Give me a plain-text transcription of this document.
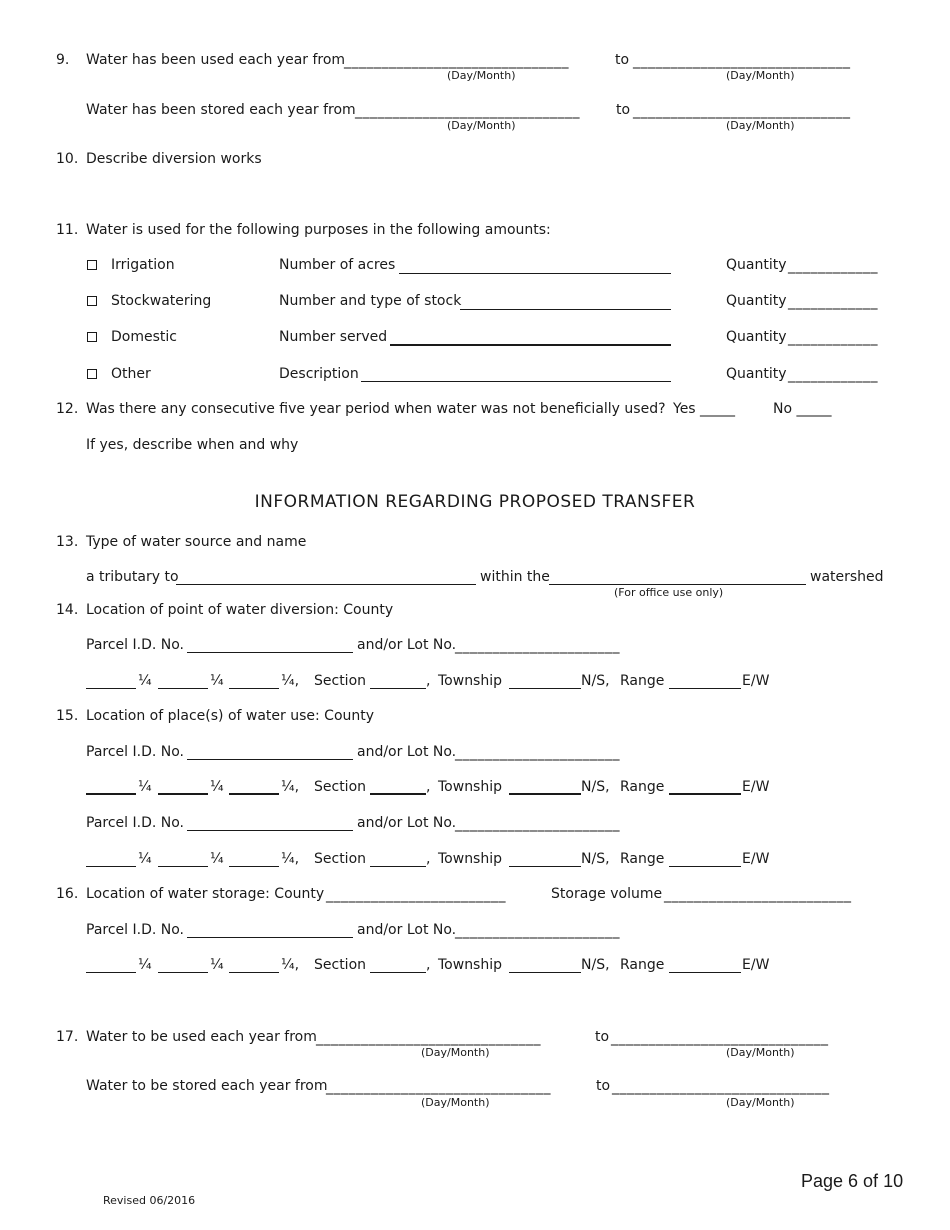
9. Water has been used each year from
______________________________	to _____________________________
(Day/Month)	(Day/Month)
Water has been stored each year from ______________________________	to _____________________________
(Day/Month)	(Day/Month)
10. Describe diversion works
11. Water is used for the following purposes in the following amounts:
Irrigation	Number of acres	Quantity ____________
Stockwatering	Number and type of stock	Quantity ____________
Domestic	Number served	Quantity ____________
Other	Description	Quantity ____________
12. Was there any consecutive five year period when water was not beneficially used? Yes _____	No _____
If yes, describe when and why
INFORMATION REGARDING PROPOSED TRANSFER
13. Type of water source and name
a tributary to	within the	watershed
(For office use only)
14. Location of point of water diversion: County
Parcel I.D. No.	and/or Lot No.
______________________
¼	¼	¼, Section	, Township	N/S, Range	E/W
15. Location of place(s) of water use: County
Parcel I.D. No.	and/or Lot No.
______________________
¼	¼	¼, Section	, Township	N/S, Range	E/W
Parcel I.D. No.	and/or Lot No.
______________________
¼	¼	¼, Section	, Township	N/S, Range	E/W
16. Location of water storage: County ________________________	Storage volume _________________________
Parcel I.D. No.	and/or Lot No.
______________________
¼	¼	¼, Section	, Township	N/S, Range	E/W
17. Water to be used each year from ______________________________	to _____________________________
(Day/Month)	(Day/Month)
Water to be stored each year from
______________________________	to _____________________________
(Day/Month)	(Day/Month)
Page 6 of 10
Revised 06/2016
